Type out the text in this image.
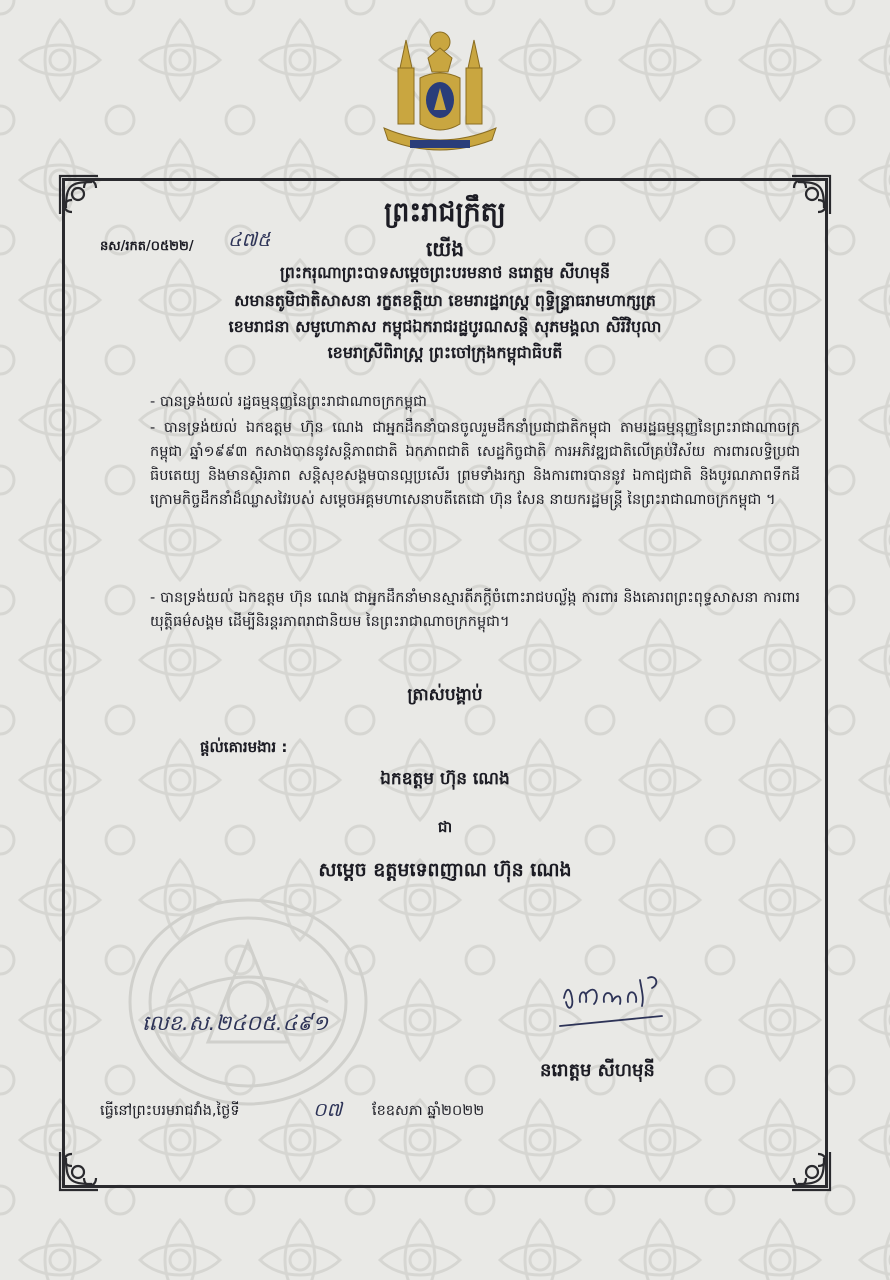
ព្រះរាជក្រឹត្យ
នស/រកត/០៥២២/ ៤៧៥	យើង
ព្រះករុណាព្រះបាទសម្តេចព្រះបរមនាថ នរោត្តម សីហមុនី
សមានតូមិជាតិសាសនា រក្ខតខត្តិយា ខេមរារដ្ឋរាស្ត្រ ពុទ្ធិន្ទ្រាធរាមហាក្សត្រ
ខេមរាជនា សមូហោភាស កម្ពុជឯករាជរដ្ឋបូរណសន្តិ សុភមង្គលា សិរីវិបុលា
ខេមរាស្រីពិរាស្ត្រ ព្រះចៅក្រុងកម្ពុជាធិបតី
- បានទ្រង់យល់ រដ្ឋធម្មនុញ្ញនៃព្រះរាជាណាចក្រកម្ពុជា
- បានទ្រង់យល់ ឯកឧត្តម ហ៊ុន ណេង ជាអ្នកដឹកនាំបានចូលរួមដឹកនាំប្រជាជាតិកម្ពុជា តាមរដ្ឋធម្មនុញ្ញនៃព្រះរាជាណាចក្រកម្ពុជា ឆ្នាំ១៩៩៣ កសាងបាននូវសន្តិភាពជាតិ ឯកភាពជាតិ សេដ្ឋកិច្ចជាតិ ការអភិវឌ្ឍជាតិលើគ្រប់វិស័យ ការពារលទ្ធិប្រជាធិបតេយ្យ និងមានស្ថិរភាព សន្តិសុខសង្គមបានល្អប្រសើរ ព្រមទាំងរក្សា និងការពារបាននូវ ឯកាជ្យជាតិ និងបូរណភាពទឹកដី ក្រោមកិច្ចដឹកនាំដ៏ឈ្លាសវៃរបស់ សម្តេចអគ្គមហាសេនាបតីតេជោ ហ៊ុន សែន នាយករដ្ឋមន្ត្រី នៃព្រះរាជាណាចក្រកម្ពុជា ។
- បានទ្រង់យល់ ឯកឧត្តម ហ៊ុន ណេង ជាអ្នកដឹកនាំមានស្មារតីភក្តីចំពោះរាជបល្ល័ង្ក ការពារ និងគោរពព្រះពុទ្ធសាសនា ការពារយុត្តិធម៌សង្គម ដើម្បីនិរន្តរភាពរាជានិយម នៃព្រះរាជាណាចក្រកម្ពុជា។
ត្រាស់បង្គាប់
ផ្តល់គោរមងារ :
ឯកឧត្តម ហ៊ុន ណេង
ជា
សម្តេច ឧត្តមទេពញាណ ហ៊ុន ណេង
លេខ.ស.២៤០៥.៤៩១
នរោត្តម សីហមុនី
ធ្វើនៅព្រះបរមរាជវាំង,ថ្ងៃទី	០៧ ខែឧសភា ឆ្នាំ២០២២
